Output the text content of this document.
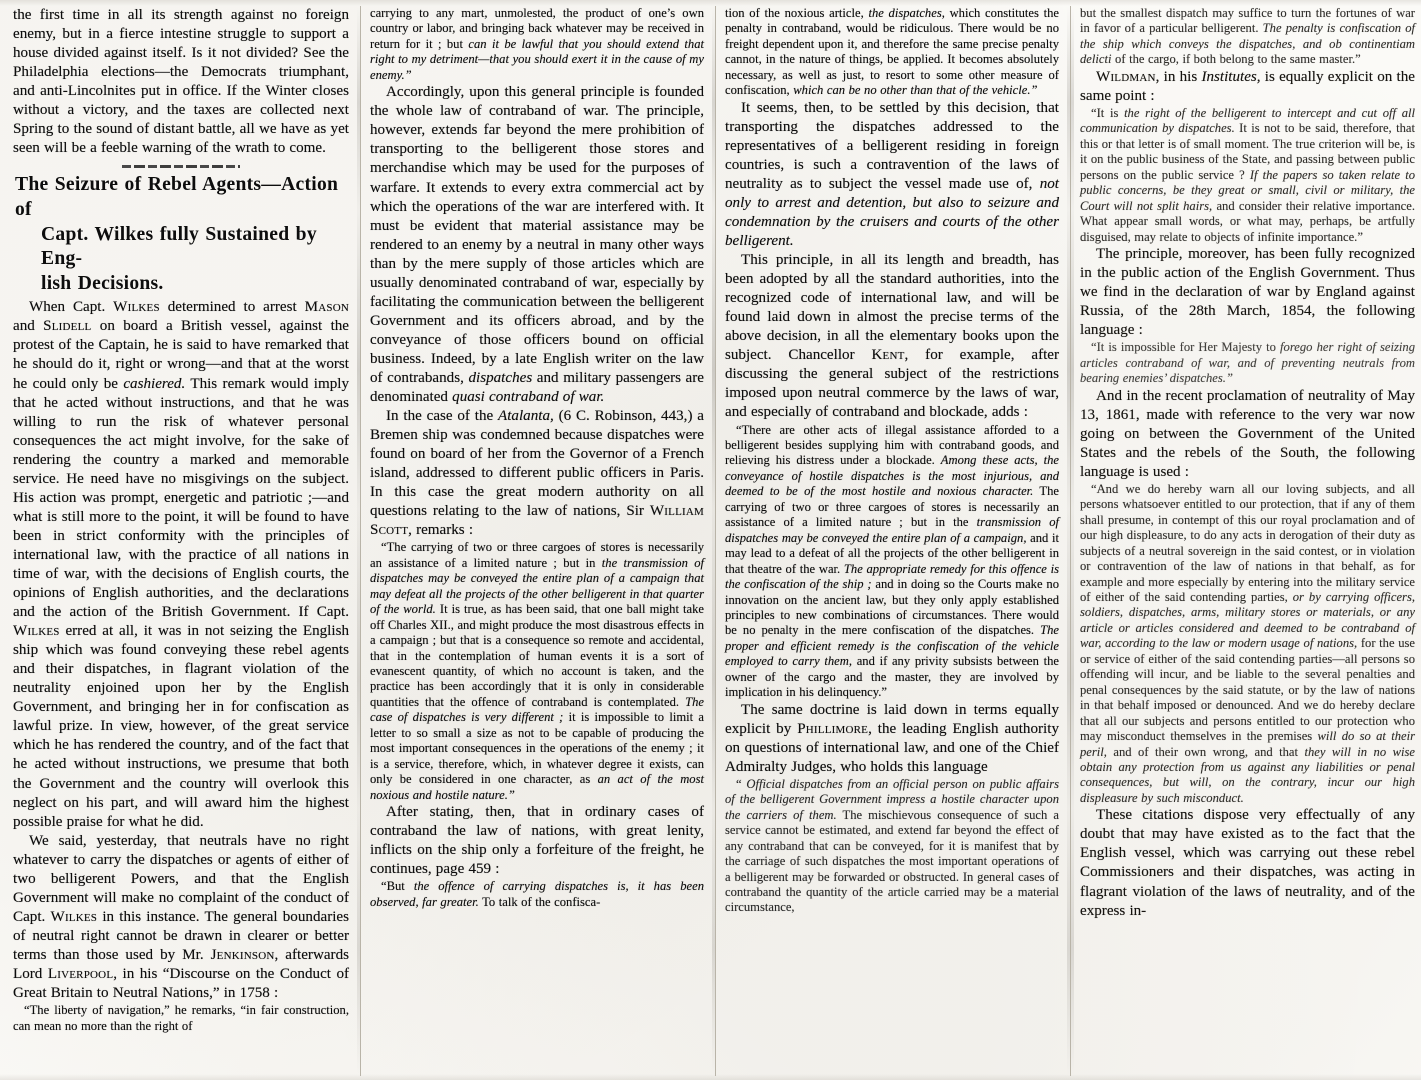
the first time in all its strength against no foreign enemy, but in a fierce intestine struggle to support a house divided against itself. Is it not divided? See the Philadelphia elections—the Democrats triumphant, and anti-Lincolnites put in office. If the Winter closes without a victory, and the taxes are collected next Spring to the sound of distant battle, all we have as yet seen will be a feeble warning of the wrath to come.

The Seizure of Rebel Agents—Action of
Capt. Wilkes fully Sustained by Eng-
lish Decisions.

When Capt. Wilkes determined to arrest Mason and Slidell on board a British vessel, against the protest of the Captain, he is said to have remarked that he should do it, right or wrong—and that at the worst he could only be cashiered. This remark would imply that he acted without instructions, and that he was willing to run the risk of whatever personal consequences the act might involve, for the sake of rendering the country a marked and memorable service. He need have no misgivings on the subject. His action was prompt, energetic and patriotic ;—and what is still more to the point, it will be found to have been in strict conformity with the principles of international law, with the practice of all nations in time of war, with the decisions of English courts, the opinions of English authorities, and the declarations and the action of the British Government. If Capt. Wilkes erred at all, it was in not seizing the English ship which was found conveying these rebel agents and their dispatches, in flagrant violation of the neutrality enjoined upon her by the English Government, and bringing her in for confiscation as lawful prize. In view, however, of the great service which he has rendered the country, and of the fact that he acted without instructions, we presume that both the Government and the country will overlook this neglect on his part, and will award him the highest possible praise for what he did.

We said, yesterday, that neutrals have no right whatever to carry the dispatches or agents of either of two belligerent Powers, and that the English Government will make no complaint of the conduct of Capt. Wilkes in this instance. The general boundaries of neutral right cannot be drawn in clearer or better terms than those used by Mr. Jenkinson, afterwards Lord Liverpool, in his “Discourse on the Conduct of Great Britain to Neutral Nations,” in 1758 :

“The liberty of navigation,” he remarks, “in fair construction, can mean no more than the right of

carrying to any mart, unmolested, the product of one’s own country or labor, and bringing back whatever may be received in return for it ; but can it be lawful that you should extend that right to my detriment—that you should exert it in the cause of my enemy.”

Accordingly, upon this general principle is founded the whole law of contraband of war. The principle, however, extends far beyond the mere prohibition of transporting to the belligerent those stores and merchandise which may be used for the purposes of warfare. It extends to every extra commercial act by which the operations of the war are interfered with. It must be evident that material assistance may be rendered to an enemy by a neutral in many other ways than by the mere supply of those articles which are usually denominated contraband of war, especially by facilitating the communication between the belligerent Government and its officers abroad, and by the conveyance of those officers bound on official business. Indeed, by a late English writer on the law of contrabands, dispatches and military passengers are denominated quasi contraband of war.

In the case of the Atalanta, (6 C. Robinson, 443,) a Bremen ship was condemned because dispatches were found on board of her from the Governor of a French island, addressed to different public officers in Paris. In this case the great modern authority on all questions relating to the law of nations, Sir William Scott, remarks :

“The carrying of two or three cargoes of stores is necessarily an assistance of a limited nature ; but in the transmission of dispatches may be conveyed the entire plan of a campaign that may defeat all the projects of the other belligerent in that quarter of the world. It is true, as has been said, that one ball might take off Charles XII., and might produce the most disastrous effects in a campaign ; but that is a consequence so remote and accidental, that in the contemplation of human events it is a sort of evanescent quantity, of which no account is taken, and the practice has been accordingly that it is only in considerable quantities that the offence of contraband is contemplated. The case of dispatches is very different ; it is impossible to limit a letter to so small a size as not to be capable of producing the most important consequences in the operations of the enemy ; it is a service, therefore, which, in whatever degree it exists, can only be considered in one character, as an act of the most noxious and hostile nature.”

After stating, then, that in ordinary cases of contraband the law of nations, with great lenity, inflicts on the ship only a forfeiture of the freight, he continues, page 459 :

“But the offence of carrying dispatches is, it has been observed, far greater. To talk of the confisca-

tion of the noxious article, the dispatches, which constitutes the penalty in contraband, would be ridiculous. There would be no freight dependent upon it, and therefore the same precise penalty cannot, in the nature of things, be applied. It becomes absolutely necessary, as well as just, to resort to some other measure of confiscation, which can be no other than that of the vehicle.”

It seems, then, to be settled by this decision, that transporting the dispatches addressed to the representatives of a belligerent residing in foreign countries, is such a contravention of the laws of neutrality as to subject the vessel made use of, not only to arrest and detention, but also to seizure and condemnation by the cruisers and courts of the other belligerent.

This principle, in all its length and breadth, has been adopted by all the standard authorities, into the recognized code of international law, and will be found laid down in almost the precise terms of the above decision, in all the elementary books upon the subject. Chancellor Kent, for example, after discussing the general subject of the restrictions imposed upon neutral commerce by the laws of war, and especially of contraband and blockade, adds :

“There are other acts of illegal assistance afforded to a belligerent besides supplying him with contraband goods, and relieving his distress under a blockade. Among these acts, the conveyance of hostile dispatches is the most injurious, and deemed to be of the most hostile and noxious character. The carrying of two or three cargoes of stores is necessarily an assistance of a limited nature ; but in the transmission of dispatches may be conveyed the entire plan of a campaign, and it may lead to a defeat of all the projects of the other belligerent in that theatre of the war. The appropriate remedy for this offence is the confiscation of the ship ; and in doing so the Courts make no innovation on the ancient law, but they only apply established principles to new combinations of circumstances. There would be no penalty in the mere confiscation of the dispatches. The proper and efficient remedy is the confiscation of the vehicle employed to carry them, and if any privity subsists between the owner of the cargo and the master, they are involved by implication in his delinquency.”

The same doctrine is laid down in terms equally explicit by Phillimore, the leading English authority on questions of international law, and one of the Chief Admiralty Judges, who holds this language

“ Official dispatches from an official person on public affairs of the belligerent Government impress a hostile character upon the carriers of them. The mischievous consequence of such a service cannot be estimated, and extend far beyond the effect of any contraband that can be conveyed, for it is manifest that by the carriage of such dispatches the most important operations of a belligerent may be forwarded or obstructed. In general cases of contraband the quantity of the article carried may be a material circumstance,

but the smallest dispatch may suffice to turn the fortunes of war in favor of a particular belligerent. The penalty is confiscation of the ship which conveys the dispatches, and ob continentiam delicti of the cargo, if both belong to the same master.”

Wildman, in his Institutes, is equally explicit on the same point :

“It is the right of the belligerent to intercept and cut off all communication by dispatches. It is not to be said, therefore, that this or that letter is of small moment. The true criterion will be, is it on the public business of the State, and passing between public persons on the public service ? If the papers so taken relate to public concerns, be they great or small, civil or military, the Court will not split hairs, and consider their relative importance. What appear small words, or what may, perhaps, be artfully disguised, may relate to objects of infinite importance.”

The principle, moreover, has been fully recognized in the public action of the English Government. Thus we find in the declaration of war by England against Russia, of the 28th March, 1854, the following language :

“It is impossible for Her Majesty to forego her right of seizing articles contraband of war, and of preventing neutrals from bearing enemies’ dispatches.”

And in the recent proclamation of neutrality of May 13, 1861, made with reference to the very war now going on between the Government of the United States and the rebels of the South, the following language is used :

“And we do hereby warn all our loving subjects, and all persons whatsoever entitled to our protection, that if any of them shall presume, in contempt of this our royal proclamation and of our high displeasure, to do any acts in derogation of their duty as subjects of a neutral sovereign in the said contest, or in violation or contravention of the law of nations in that behalf, as for example and more especially by entering into the military service of either of the said contending parties, or by carrying officers, soldiers, dispatches, arms, military stores or materials, or any article or articles considered and deemed to be contraband of war, according to the law or modern usage of nations, for the use or service of either of the said contending parties—all persons so offending will incur, and be liable to the several penalties and penal consequences by the said statute, or by the law of nations in that behalf imposed or denounced. And we do hereby declare that all our subjects and persons entitled to our protection who may misconduct themselves in the premises will do so at their peril, and of their own wrong, and that they will in no wise obtain any protection from us against any liabilities or penal consequences, but will, on the contrary, incur our high displeasure by such misconduct.

These citations dispose very effectually of any doubt that may have existed as to the fact that the English vessel, which was carrying out these rebel Commissioners and their dispatches, was acting in flagrant violation of the laws of neutrality, and of the express in-
